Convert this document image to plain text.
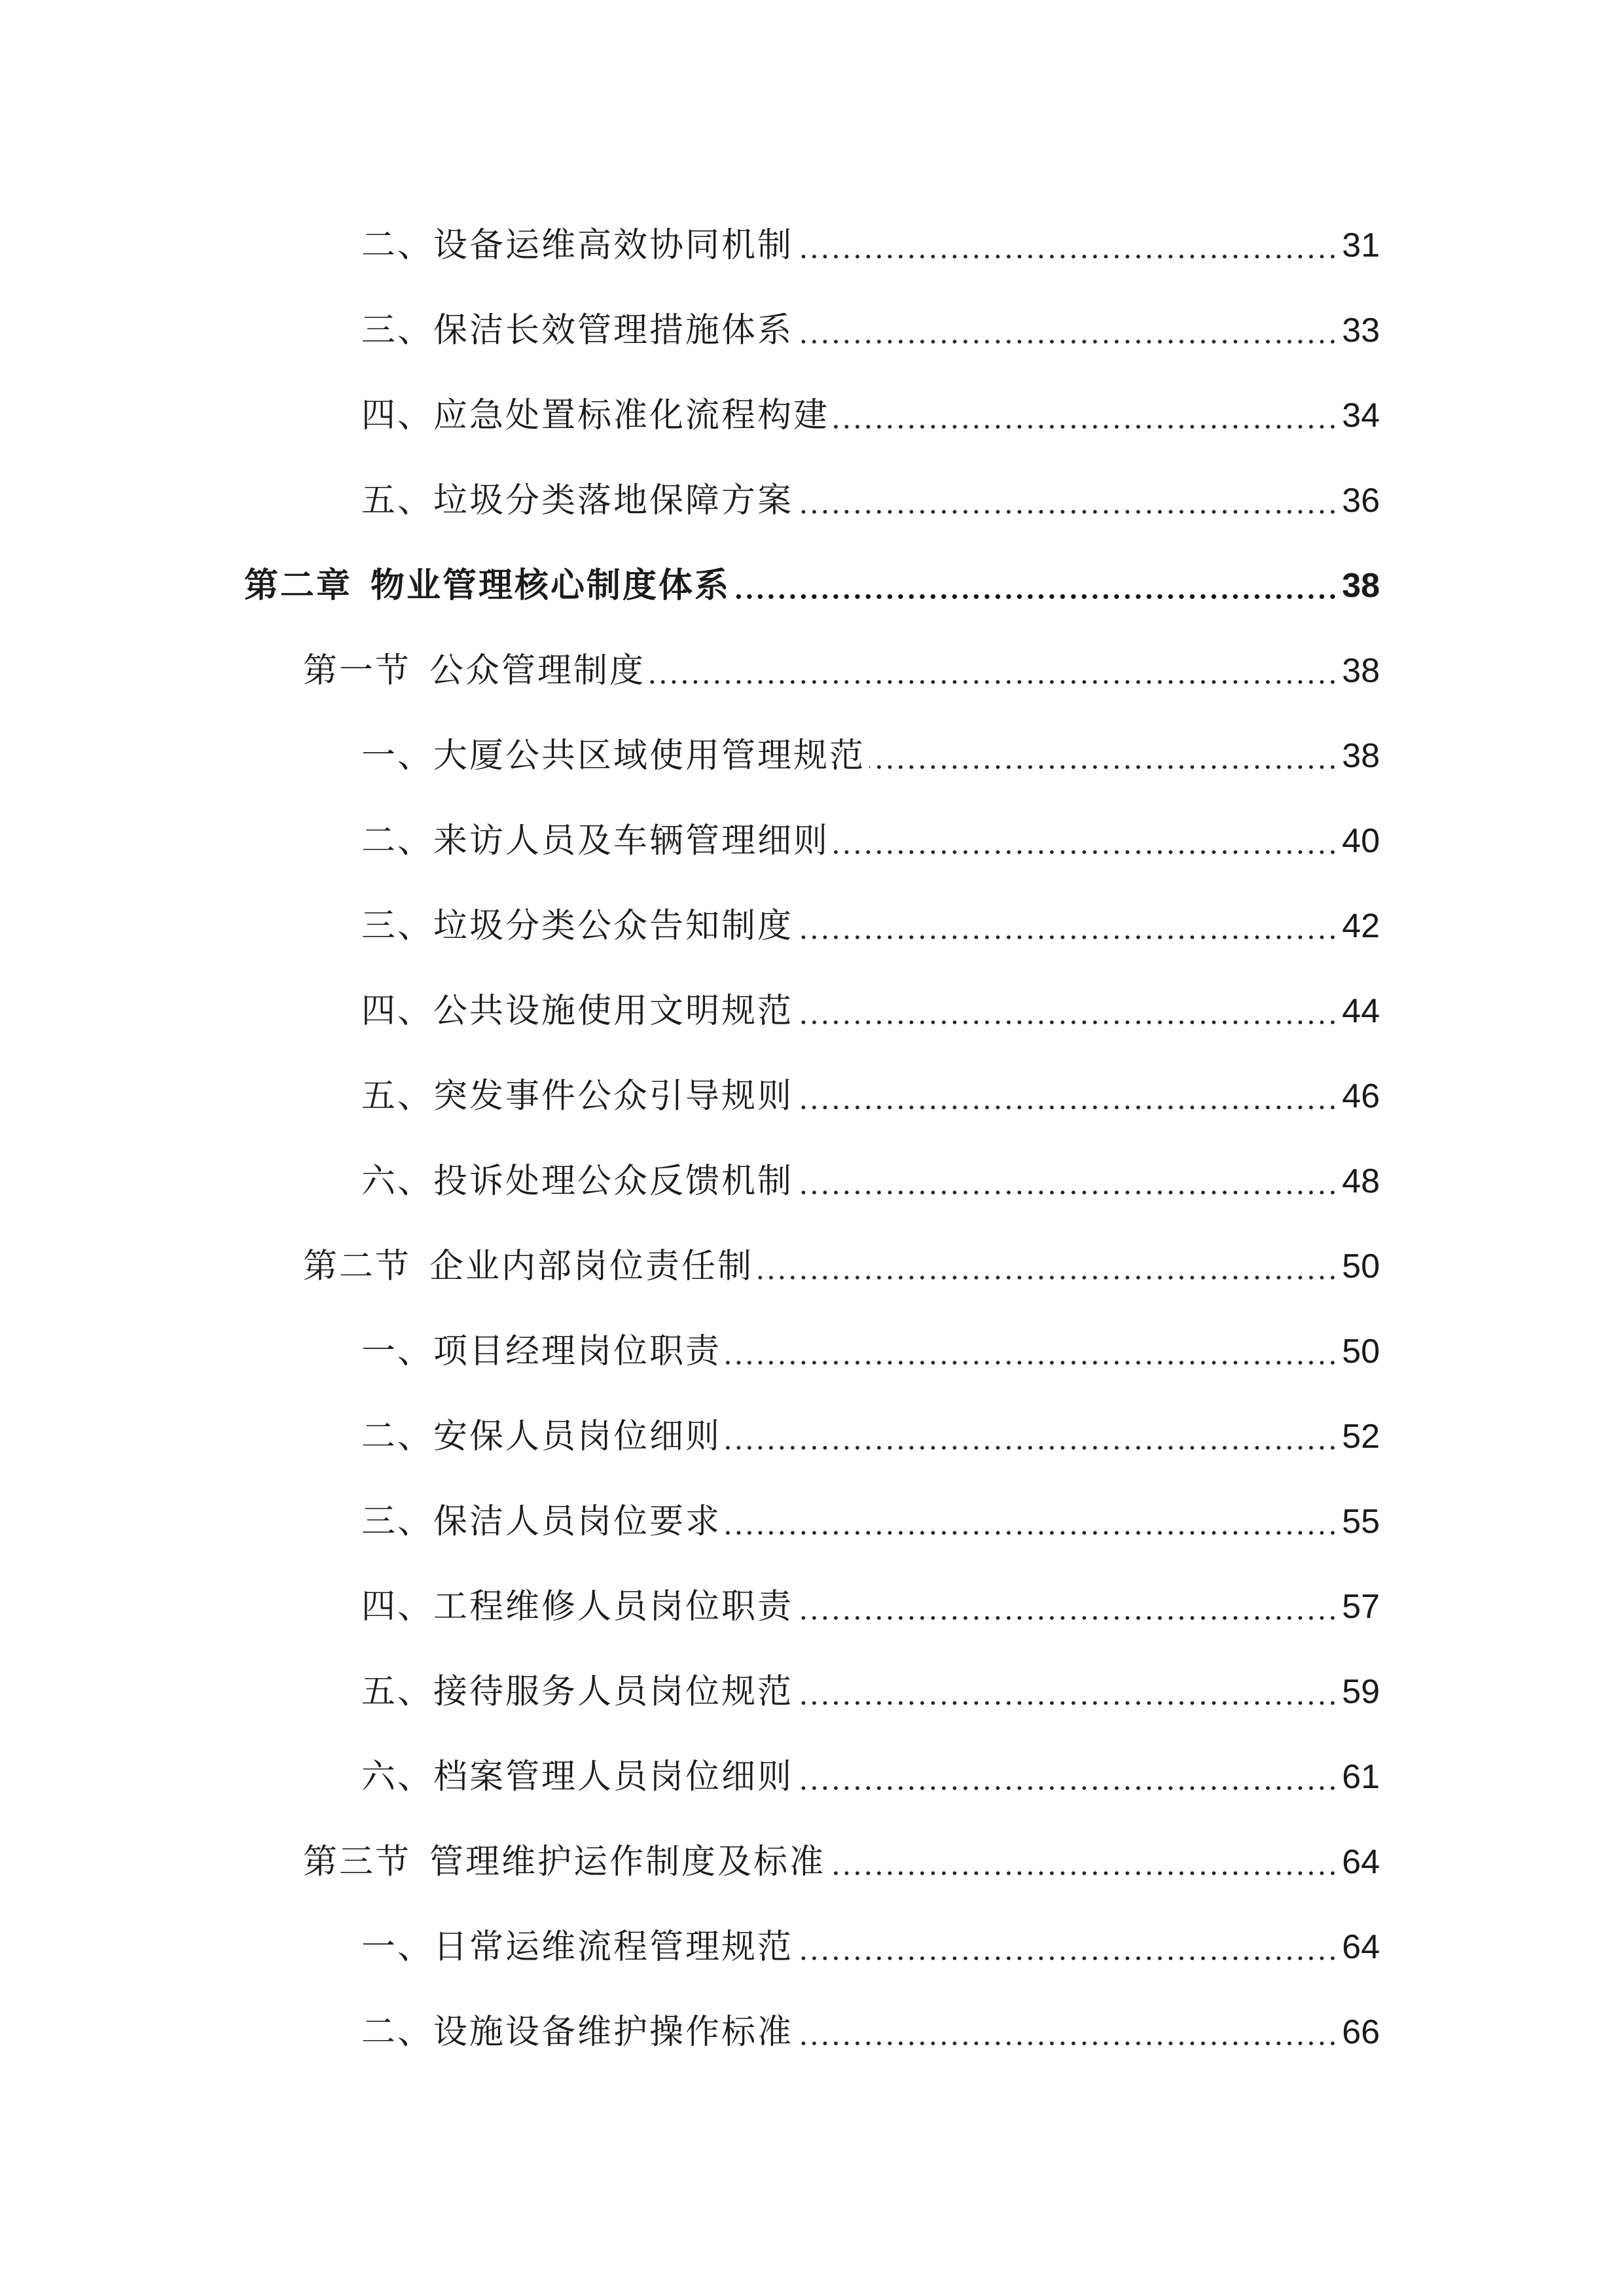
二、设备运维高效协同机制	31
三、保洁长效管理措施体系	33
四、应急处置标准化流程构建	34
五、垃圾分类落地保障方案	36
第二章 物业管理核心制度体系	38
第一节 公众管理制度	38
一、大厦公共区域使用管理规范	38
二、来访人员及车辆管理细则	40
三、垃圾分类公众告知制度	42
四、公共设施使用文明规范	44
五、突发事件公众引导规则	46
六、投诉处理公众反馈机制	48
第二节 企业内部岗位责任制	50
一、项目经理岗位职责	50
二、安保人员岗位细则	52
三、保洁人员岗位要求	55
四、工程维修人员岗位职责	57
五、接待服务人员岗位规范	59
六、档案管理人员岗位细则	61
第三节 管理维护运作制度及标准	64
一、日常运维流程管理规范	64
二、设施设备维护操作标准	66
